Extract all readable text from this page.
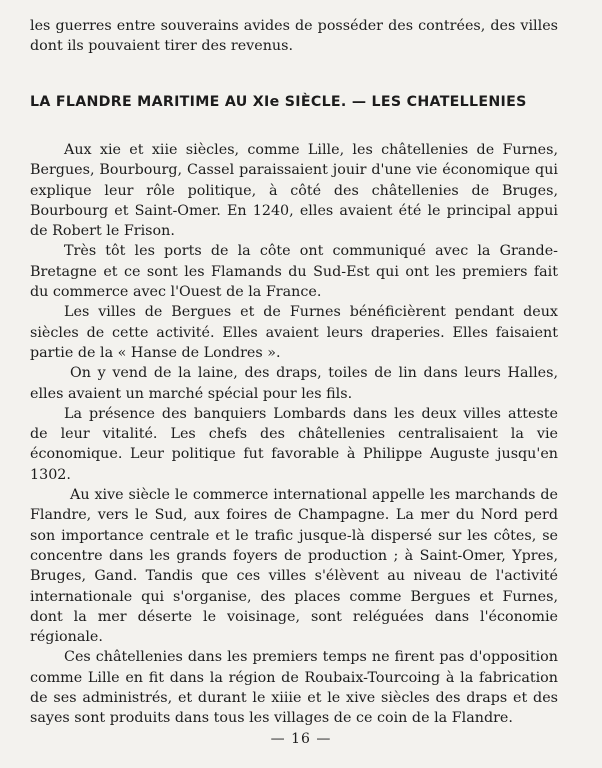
les guerres entre souverains avides de posséder des contrées, des villes dont ils pouvaient tirer des revenus.

LA FLANDRE MARITIME AU XIe SIÈCLE. — LES CHATELLENIES

Aux xie et xiie siècles, comme Lille, les châtellenies de Furnes, Bergues, Bourbourg, Cassel paraissaient jouir d'une vie économique qui explique leur rôle politique, à côté des châtellenies de Bruges, Bourbourg et Saint-Omer. En 1240, elles avaient été le principal appui de Robert le Frison.

Très tôt les ports de la côte ont communiqué avec la Grande-Bretagne et ce sont les Flamands du Sud-Est qui ont les premiers fait du commerce avec l'Ouest de la France.

Les villes de Bergues et de Furnes bénéficièrent pendant deux siècles de cette activité. Elles avaient leurs draperies. Elles faisaient partie de la « Hanse de Londres ».

On y vend de la laine, des draps, toiles de lin dans leurs Halles, elles avaient un marché spécial pour les fils.

La présence des banquiers Lombards dans les deux villes atteste de leur vitalité. Les chefs des châtellenies centralisaient la vie économique. Leur politique fut favorable à Philippe Auguste jusqu'en 1302.

Au xive siècle le commerce international appelle les marchands de Flandre, vers le Sud, aux foires de Champagne. La mer du Nord perd son importance centrale et le trafic jusque-là dispersé sur les côtes, se concentre dans les grands foyers de production ; à Saint-Omer, Ypres, Bruges, Gand. Tandis que ces villes s'élèvent au niveau de l'activité internationale qui s'organise, des places comme Bergues et Furnes, dont la mer déserte le voisinage, sont reléguées dans l'économie régionale.

Ces châtellenies dans les premiers temps ne firent pas d'opposition comme Lille en fit dans la région de Roubaix-Tourcoing à la fabrication de ses administrés, et durant le xiiie et le xive siècles des draps et des sayes sont produits dans tous les villages de ce coin de la Flandre.

— 16 —
